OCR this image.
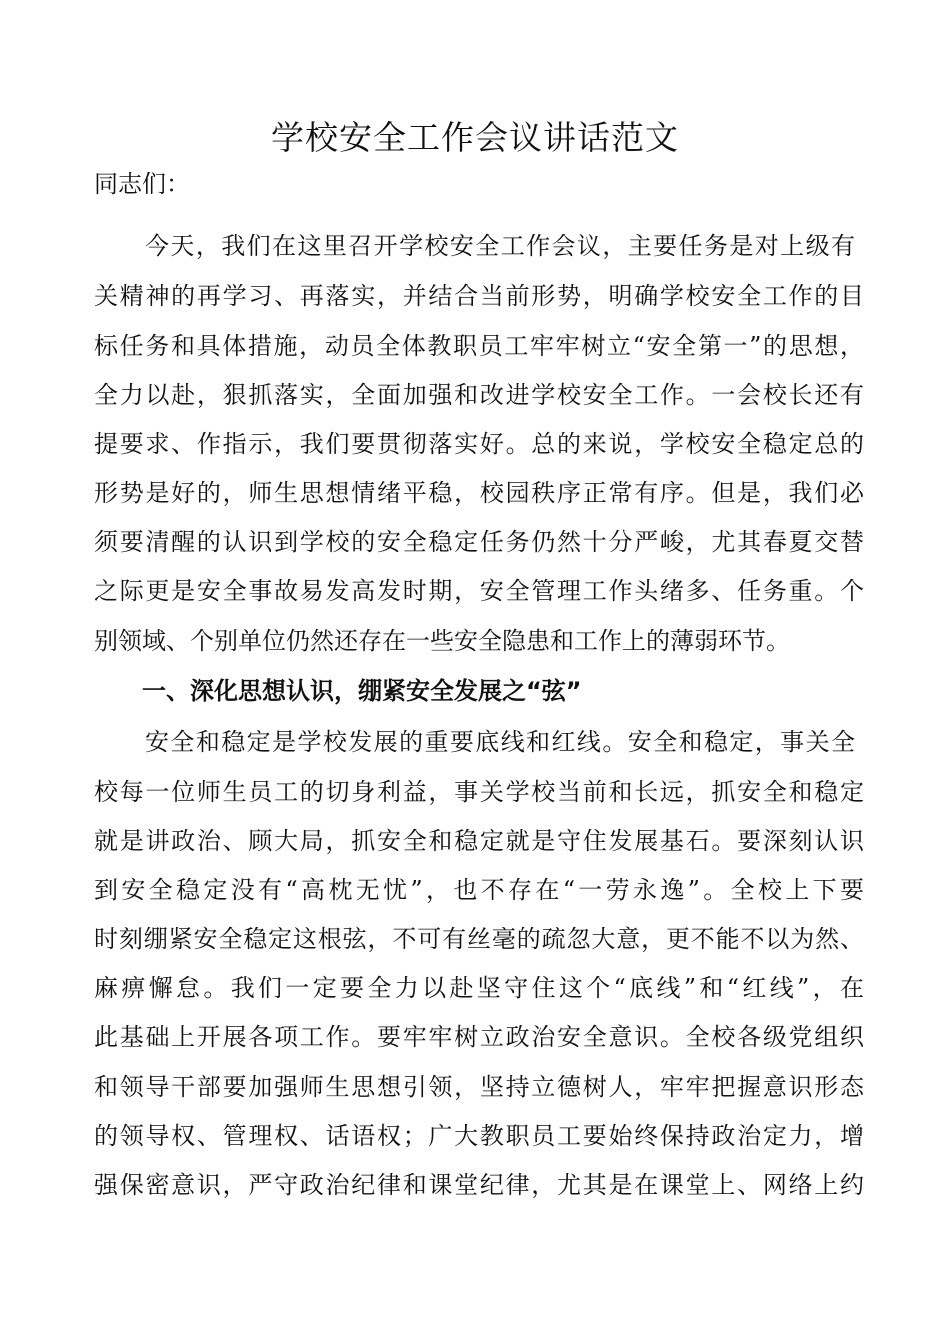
学校安全工作会议讲话范文

同志们：

今天，我们在这里召开学校安全工作会议，主要任务是对上级有

关精神的再学习、再落实，并结合当前形势，明确学校安全工作的目

标任务和具体措施，动员全体教职员工牢牢树立“安全第一”的思想，

全力以赴，狠抓落实，全面加强和改进学校安全工作。一会校长还有

提要求、作指示，我们要贯彻落实好。总的来说，学校安全稳定总的

形势是好的，师生思想情绪平稳，校园秩序正常有序。但是，我们必

须要清醒的认识到学校的安全稳定任务仍然十分严峻，尤其春夏交替

之际更是安全事故易发高发时期，安全管理工作头绪多、任务重。个

别领域、个别单位仍然还存在一些安全隐患和工作上的薄弱环节。

一、深化思想认识，绷紧安全发展之“弦”

安全和稳定是学校发展的重要底线和红线。安全和稳定，事关全

校每一位师生员工的切身利益，事关学校当前和长远，抓安全和稳定

就是讲政治、顾大局，抓安全和稳定就是守住发展基石。要深刻认识

到安全稳定没有“高枕无忧”，也不存在“一劳永逸”。全校上下要

时刻绷紧安全稳定这根弦，不可有丝毫的疏忽大意，更不能不以为然、

麻痹懈怠。我们一定要全力以赴坚守住这个“底线”和“红线”，在

此基础上开展各项工作。要牢牢树立政治安全意识。全校各级党组织

和领导干部要加强师生思想引领，坚持立德树人，牢牢把握意识形态

的领导权、管理权、话语权；广大教职员工要始终保持政治定力，增

强保密意识，严守政治纪律和课堂纪律，尤其是在课堂上、网络上约
